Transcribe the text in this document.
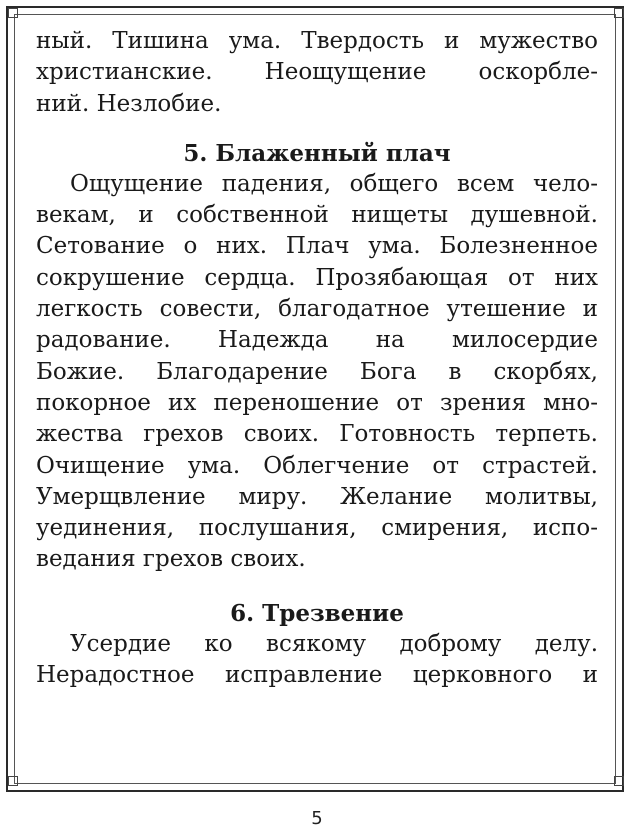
ный. Тишина ума. Твердость и мужество
христианские. Неощущение оскорбле-
ний. Незлобие.
5. Блаженный плач
Ощущение падения, общего всем чело-
векам, и собственной нищеты душевной.
Сетование о них. Плач ума. Болезненное
сокрушение сердца. Прозябающая от них
легкость совести, благодатное утешение и
радование. Надежда на милосердие
Божие. Благодарение Бога в скорбях,
покорное их переношение от зрения мно-
жества грехов своих. Готовность терпеть.
Очищение ума. Облегчение от страстей.
Умерщвление миру. Желание молитвы,
уединения, послушания, смирения, испо-
ведания грехов своих.
6. Трезвение
Усердие ко всякому доброму делу.
Нерадостное исправление церковного и
5
